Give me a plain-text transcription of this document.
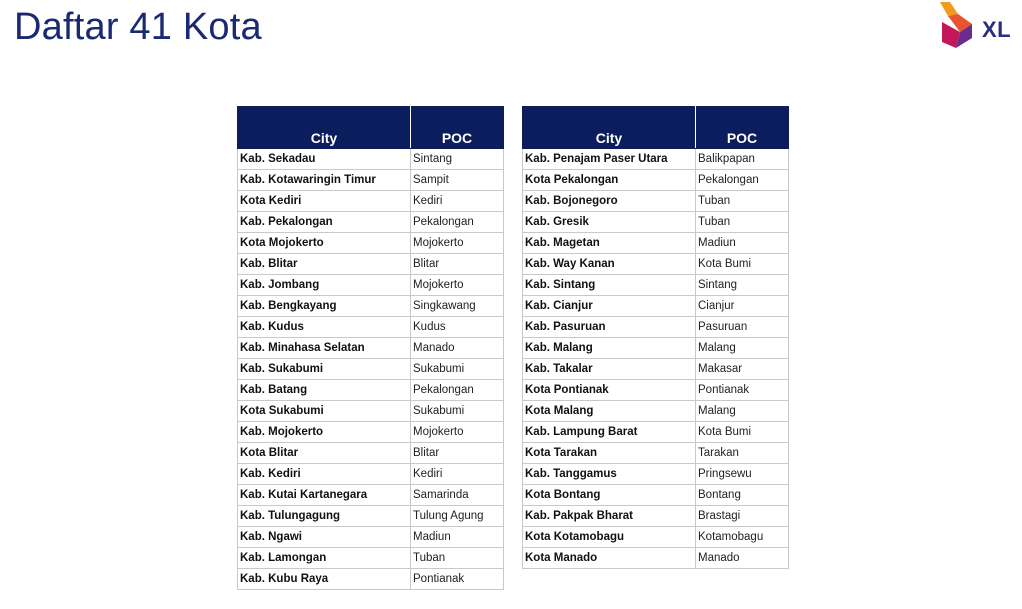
Daftar 41 Kota	XL
City	POC
Kab. Sekadau	Sintang
Kab. Kotawaringin Timur	Sampit
Kota Kediri	Kediri
Kab. Pekalongan	Pekalongan
Kota Mojokerto	Mojokerto
Kab. Blitar	Blitar
Kab. Jombang	Mojokerto
Kab. Bengkayang	Singkawang
Kab. Kudus	Kudus
Kab. Minahasa Selatan	Manado
Kab. Sukabumi	Sukabumi
Kab. Batang	Pekalongan
Kota Sukabumi	Sukabumi
Kab. Mojokerto	Mojokerto
Kota Blitar	Blitar
Kab. Kediri	Kediri
Kab. Kutai Kartanegara	Samarinda
Kab. Tulungagung	Tulung Agung
Kab. Ngawi	Madiun
Kab. Lamongan	Tuban
Kab. Kubu Raya	Pontianak
City	POC
Kab. Penajam Paser Utara	Balikpapan
Kota Pekalongan	Pekalongan
Kab. Bojonegoro	Tuban
Kab. Gresik	Tuban
Kab. Magetan	Madiun
Kab. Way Kanan	Kota Bumi
Kab. Sintang	Sintang
Kab. Cianjur	Cianjur
Kab. Pasuruan	Pasuruan
Kab. Malang	Malang
Kab. Takalar	Makasar
Kota Pontianak	Pontianak
Kota Malang	Malang
Kab. Lampung Barat	Kota Bumi
Kota Tarakan	Tarakan
Kab. Tanggamus	Pringsewu
Kota Bontang	Bontang
Kab. Pakpak Bharat	Brastagi
Kota Kotamobagu	Kotamobagu
Kota Manado	Manado
